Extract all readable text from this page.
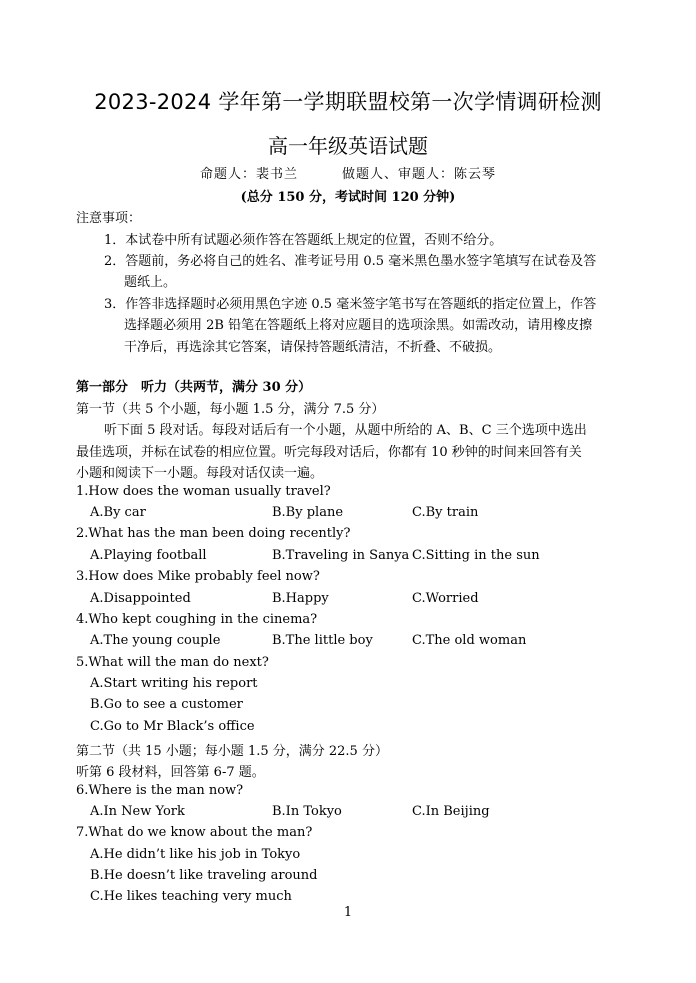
2023-2024 学年第一学期联盟校第一次学情调研检测
高一年级英语试题
命题人：裴书兰	做题人、审题人：陈云琴
(总分 150 分，考试时间 120 分钟)
注意事项：
1．本试卷中所有试题必须作答在答题纸上规定的位置，否则不给分。
2．答题前，务必将自己的姓名、准考证号用 0.5 毫米黑色墨水签字笔填写在试卷及答
题纸上。
3．作答非选择题时必须用黑色字迹 0.5 毫米签字笔书写在答题纸的指定位置上，作答
选择题必须用 2B 铅笔在答题纸上将对应题目的选项涂黑。如需改动，请用橡皮擦
干净后，再选涂其它答案，请保持答题纸清洁，不折叠、不破损。
第一部分　听力（共两节，满分 30 分）
第一节（共 5 个小题，每小题 1.5 分，满分 7.5 分）
听下面 5 段对话。每段对话后有一个小题，从题中所给的 A、B、C 三个选项中选出
最佳选项，并标在试卷的相应位置。听完每段对话后，你都有 10 秒钟的时间来回答有关
小题和阅读下一小题。每段对话仅读一遍。
1.How does the woman usually travel?
A.By car	B.By plane	C.By train
2.What has the man been doing recently?
A.Playing football	B.Traveling in Sanya C.Sitting in the sun
3.How does Mike probably feel now?
A.Disappointed	B.Happy	C.Worried
4.Who kept coughing in the cinema?
A.The young couple	B.The little boy	C.The old woman
5.What will the man do next?
A.Start writing his report
B.Go to see a customer
C.Go to Mr Black’s office
第二节（共 15 小题；每小题 1.5 分，满分 22.5 分）
听第 6 段材料，回答第 6-7 题。
6.Where is the man now?
A.In New York	B.In Tokyo	C.In Beijing
7.What do we know about the man?
A.He didn’t like his job in Tokyo
B.He doesn’t like traveling around
C.He likes teaching very much
1
